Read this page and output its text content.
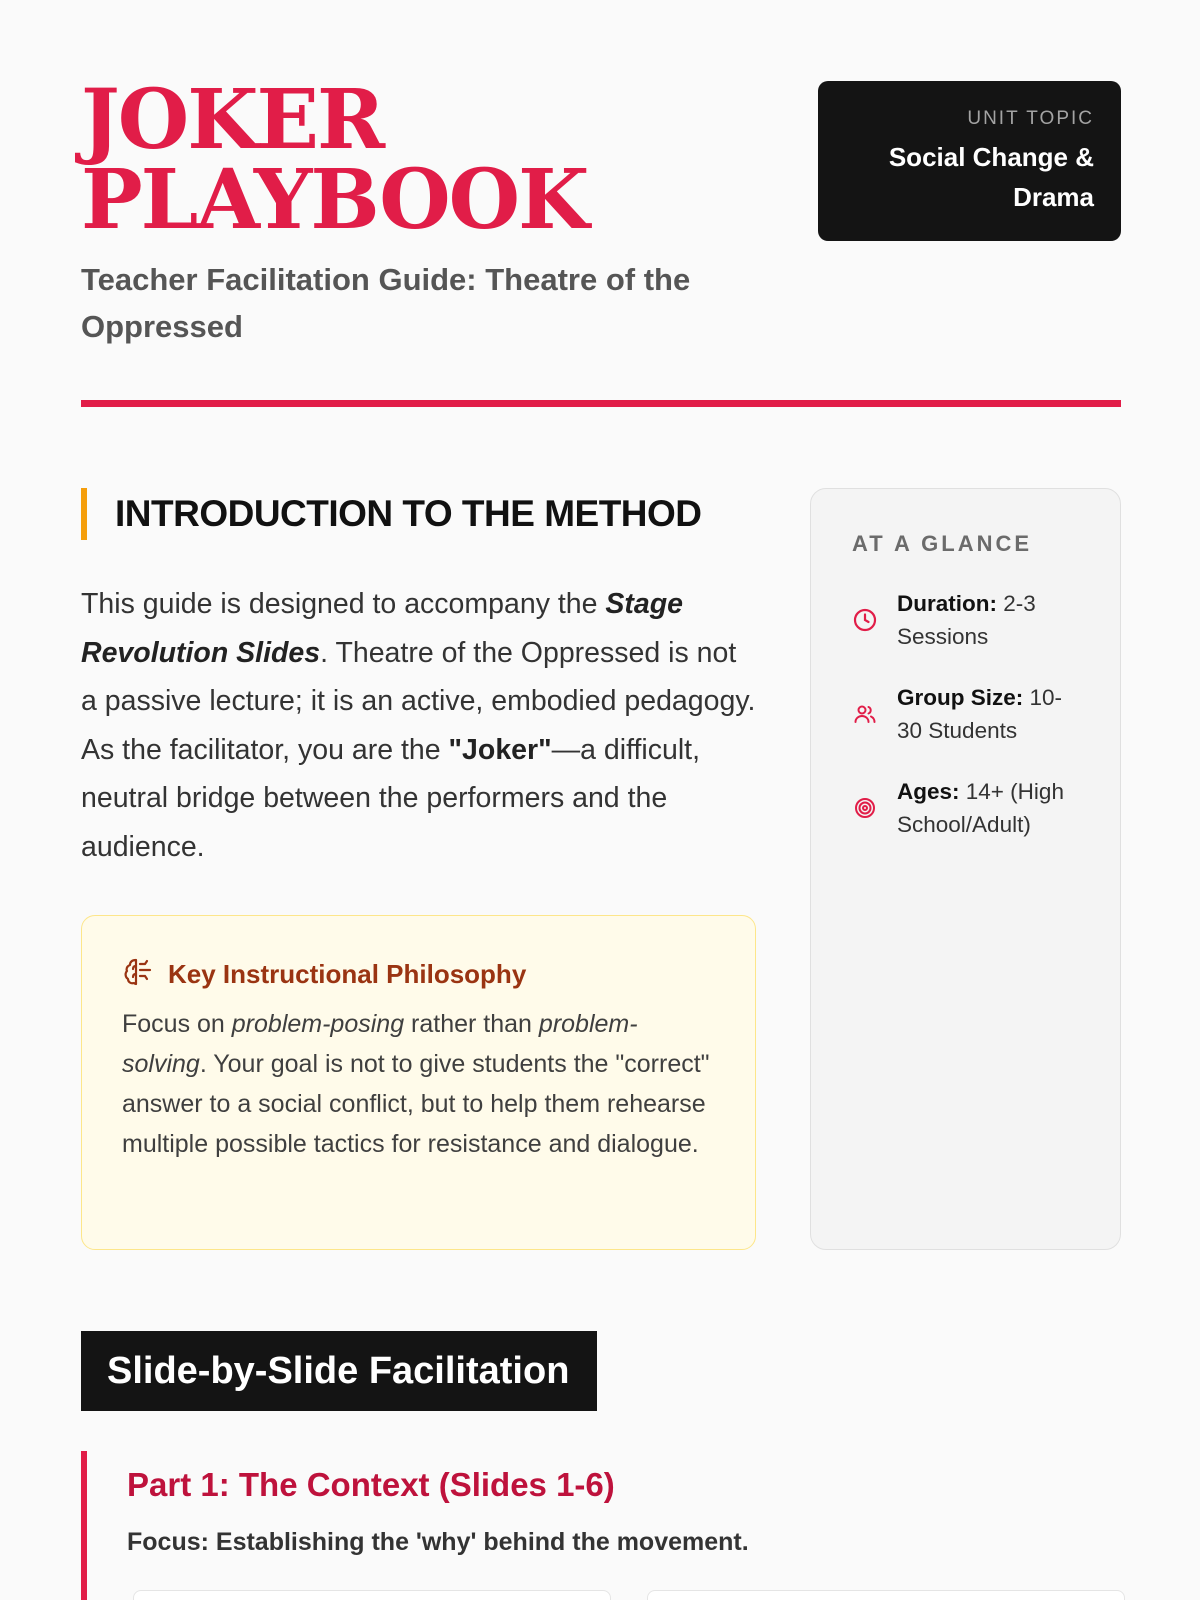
JOKER PLAYBOOK
Teacher Facilitation Guide: Theatre of the Oppressed
UNIT TOPIC
Social Change & Drama
INTRODUCTION TO THE METHOD

This guide is designed to accompany the Stage Revolution Slides. Theatre of the Oppressed is not a passive lecture; it is an active, embodied pedagogy. As the facilitator, you are the "Joker"—a difficult, neutral bridge between the performers and the audience.

Key Instructional Philosophy

Focus on problem-posing rather than problem-solving. Your goal is not to give students the "correct" answer to a social conflict, but to help them rehearse multiple possible tactics for resistance and dialogue.

AT A GLANCE
Duration: 2-3 Sessions
Group Size: 10-30 Students
Ages: 14+ (High School/Adult)
Slide-by-Slide Facilitation
Part 1: The Context (Slides 1-6)

Focus: Establishing the 'why' behind the movement.
